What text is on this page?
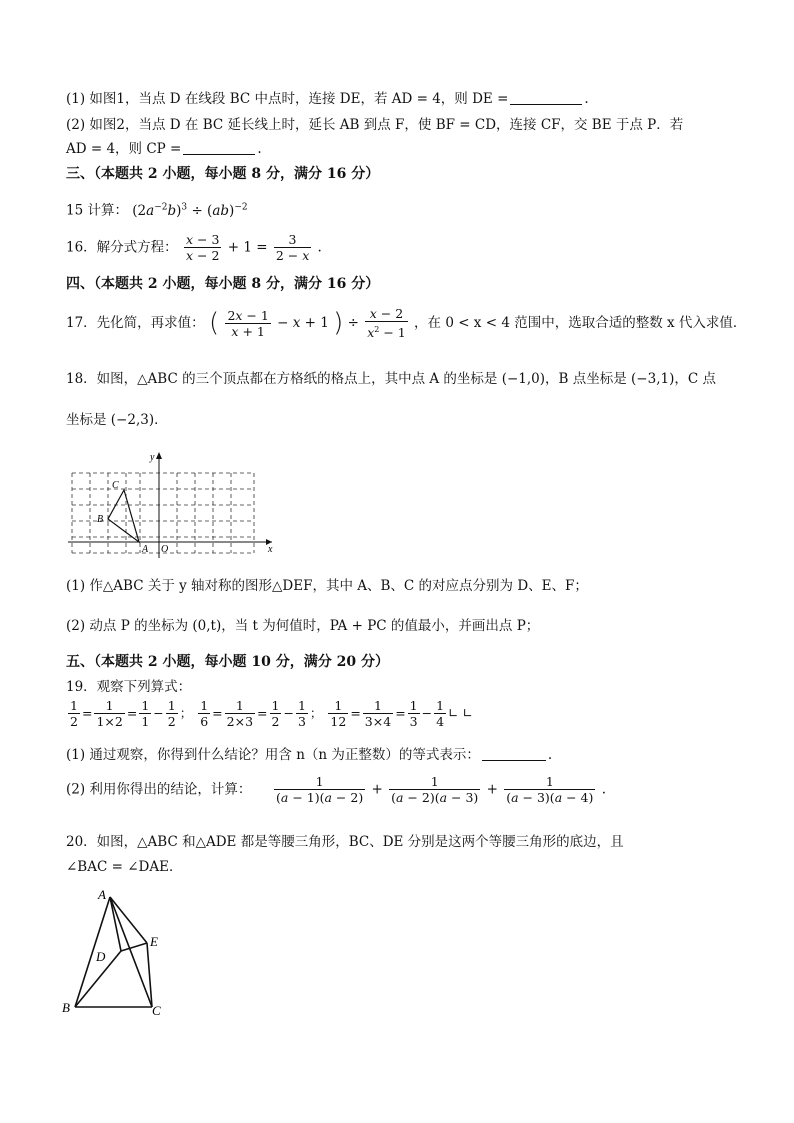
(1) 如图1，当点 D 在线段 BC 中点时，连接 DE，若 AD = 4，则 DE =	.
(2) 如图2，当点 D 在 BC 延长线上时，延长 AB 到点 F，使 BF = CD，连接 CF，交 BE 于点 P．若
AD = 4，则 CP =	.
三、（本题共 2 小题，每小题 8 分，满分 16 分）
15 计算： $(2a^{-2}b)^3 \div (ab)^{-2}$
16．解分式方程： $\frac{x - 3}{x - 2} + 1 = \frac{3}{2 - x}$ .
四、（本题共 2 小题，每小题 8 分，满分 16 分）
17．先化简，再求值： ( $\frac{2x - 1}{x + 1} - x + 1$ ) ÷ $\frac{x - 2}{x^2 - 1}$ ，在 0 < x < 4 范围中，选取合适的整数 x 代入求值．
18．如图，△ABC 的三个顶点都在方格纸的格点上，其中点 A 的坐标是 (−1,0)，B 点坐标是 (−3,1)，C 点
坐标是 (−2,3)．
y
x
O
A
B
C
(1) 作△ABC 关于 y 轴对称的图形△DEF，其中 A、B、C 的对应点分别为 D、E、F；
(2) 动点 P 的坐标为 (0,t)，当 t 为何值时，PA + PC 的值最小，并画出点 P；
五、（本题共 2 小题，每小题 10 分，满分 20 分）
19．观察下列算式：
$\frac{1}{2} = \frac{1}{1\times 2} = \frac{1}{1} - \frac{1}{2}$ ； $\frac{1}{6} = \frac{1}{2\times 3} = \frac{1}{2} - \frac{1}{3}$ ； $\frac{1}{12} = \frac{1}{3\times 4} = \frac{1}{3} - \frac{1}{4}$ ∟ ∟
(1) 通过观察，你得到什么结论？用含 n（n 为正整数）的等式表示：	.
(2) 利用你得出的结论，计算： $\frac{1}{(a - 1)(a - 2)} + \frac{1}{(a - 2)(a - 3)} + \frac{1}{(a - 3)(a - 4)}$ .
20．如图，△ABC 和△ADE 都是等腰三角形，BC、DE 分别是这两个等腰三角形的底边，且
∠BAC = ∠DAE．
A
B	C
D
E
